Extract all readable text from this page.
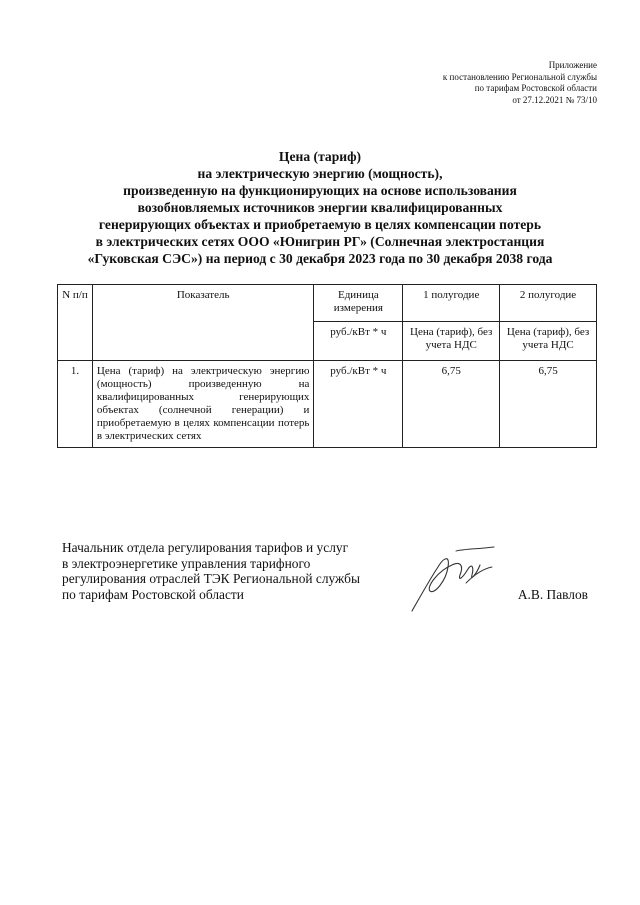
Приложение
к постановлению Региональной службы
по тарифам Ростовской области
от 27.12.2021 № 73/10
Цена (тариф)
на электрическую энергию (мощность),
произведенную на функционирующих на основе использования
возобновляемых источников энергии квалифицированных
генерирующих объектах и приобретаемую в целях компенсации потерь
в электрических сетях ООО «Юнигрин РГ» (Солнечная электростанция
«Гуковская СЭС») на период с 30 декабря 2023 года по 30 декабря 2038 года
N п/п	Показатель	Единица измерения	1 полугодие	2 полугодие
		руб./кВт * ч	Цена (тариф), без учета НДС	Цена (тариф), без учета НДС
1.	Цена (тариф) на электрическую энергию (мощность) произведенную на квалифицированных генерирующих объектах (солнечной генерации) и приобретаемую в целях компенсации потерь в электрических сетях	руб./кВт * ч	6,75	6,75
Начальник отдела регулирования тарифов и услуг
в электроэнергетике управления тарифного
регулирования отраслей ТЭК Региональной службы
по тарифам Ростовской области	А.В. Павлов
